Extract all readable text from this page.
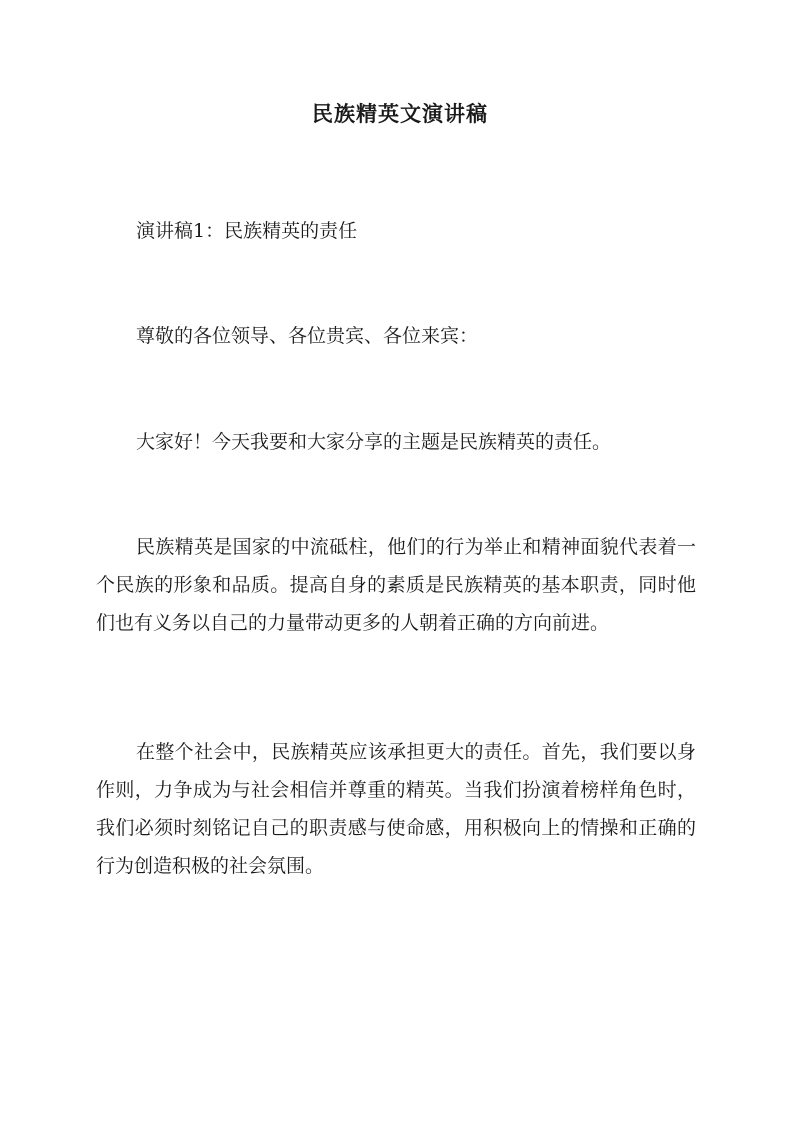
民族精英文演讲稿

演讲稿1：民族精英的责任

尊敬的各位领导、各位贵宾、各位来宾：

大家好！今天我要和大家分享的主题是民族精英的责任。

民族精英是国家的中流砥柱，他们的行为举止和精神面貌代表着一个民族的形象和品质。提高自身的素质是民族精英的基本职责，同时他们也有义务以自己的力量带动更多的人朝着正确的方向前进。

在整个社会中，民族精英应该承担更大的责任。首先，我们要以身作则，力争成为与社会相信并尊重的精英。当我们扮演着榜样角色时，我们必须时刻铭记自己的职责感与使命感，用积极向上的情操和正确的行为创造积极的社会氛围。
